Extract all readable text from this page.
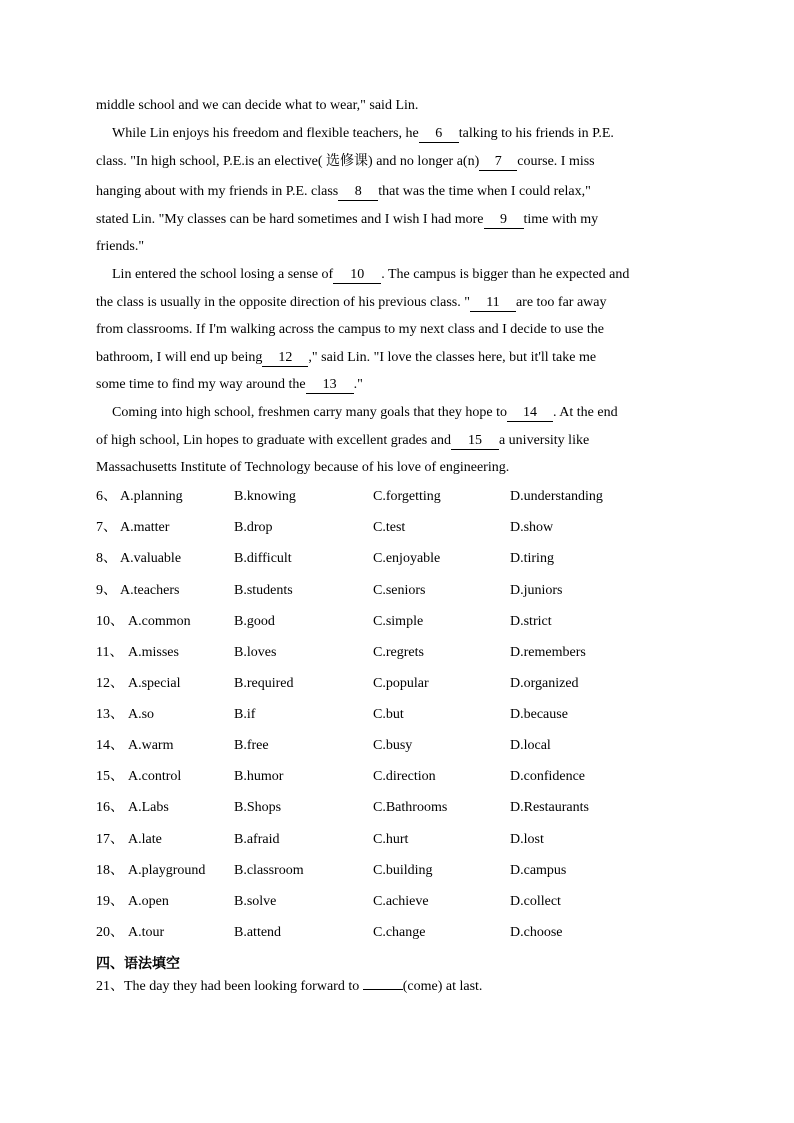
middle school and we can decide what to wear," said Lin.
While Lin enjoys his freedom and flexible teachers, he 6 talking to his friends in P.E.
class. "In high school, P.E.is an elective( 选修课) and no longer a(n) 7 course. I miss
hanging about with my friends in P.E. class 8 that was the time when I could relax,"
stated Lin. "My classes can be hard sometimes and I wish I had more 9 time with my
friends."
Lin entered the school losing a sense of 10 . The campus is bigger than he expected and
the class is usually in the opposite direction of his previous class. " 11 are too far away
from classrooms. If I'm walking across the campus to my next class and I decide to use the
bathroom, I will end up being 12 ," said Lin. "I love the classes here, but it'll take me
some time to find my way around the 13 ."
Coming into high school, freshmen carry many goals that they hope to 14 . At the end
of high school, Lin hopes to graduate with excellent grades and 15 a university like
Massachusetts Institute of Technology because of his love of engineering.
6、 A.planning	B.knowing	C.forgetting	D.understanding
7、 A.matter	B.drop	C.test	D.show
8、 A.valuable	B.difficult	C.enjoyable	D.tiring
9、 A.teachers	B.students	C.seniors	D.juniors
10、 A.common	B.good	C.simple	D.strict
11、 A.misses	B.loves	C.regrets	D.remembers
12、 A.special	B.required	C.popular	D.organized
13、 A.so	B.if	C.but	D.because
14、 A.warm	B.free	C.busy	D.local
15、 A.control	B.humor	C.direction	D.confidence
16、 A.Labs	B.Shops	C.Bathrooms	D.Restaurants
17、 A.late	B.afraid	C.hurt	D.lost
18、 A.playground B.classroom	C.building	D.campus
19、 A.open	B.solve	C.achieve	D.collect
20、 A.tour	B.attend	C.change	D.choose
四、语法填空
21、The day they had been looking forward to	(come) at last.
